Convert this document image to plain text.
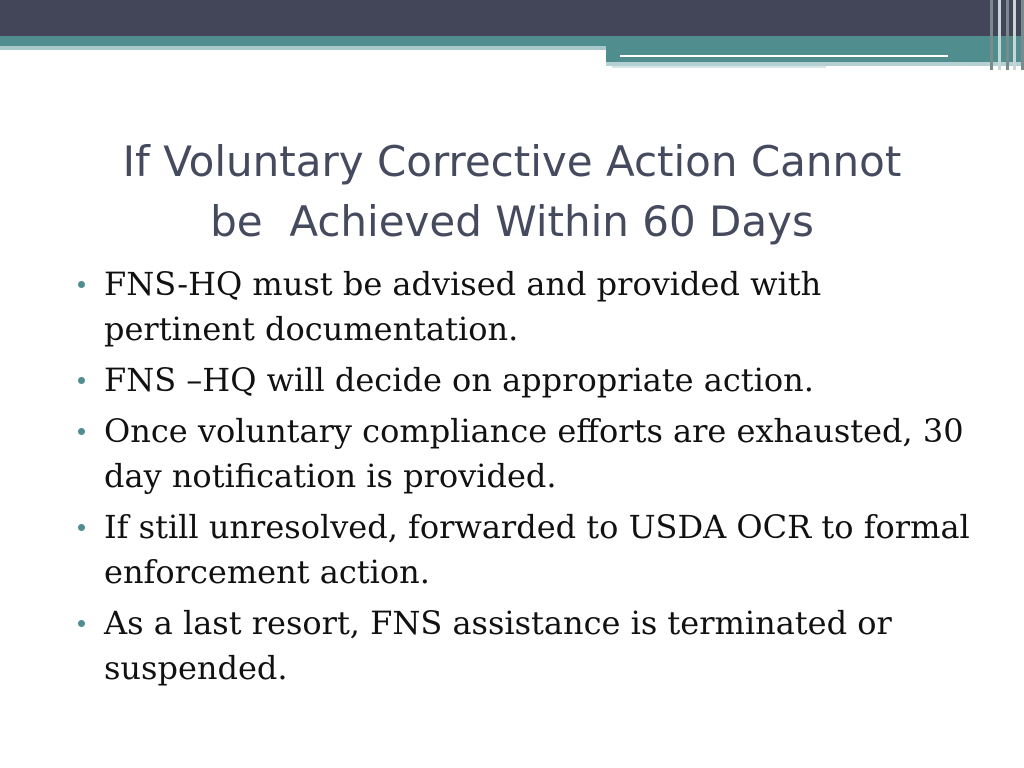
If Voluntary Corrective Action Cannot
be  Achieved Within 60 Days
FNS-HQ must be advised and provided with pertinent documentation.
FNS –HQ will decide on appropriate action.
Once voluntary compliance efforts are exhausted, 30 day notification is provided.
If still unresolved, forwarded to USDA OCR to formal enforcement action.
As a last resort, FNS assistance is terminated or suspended.
